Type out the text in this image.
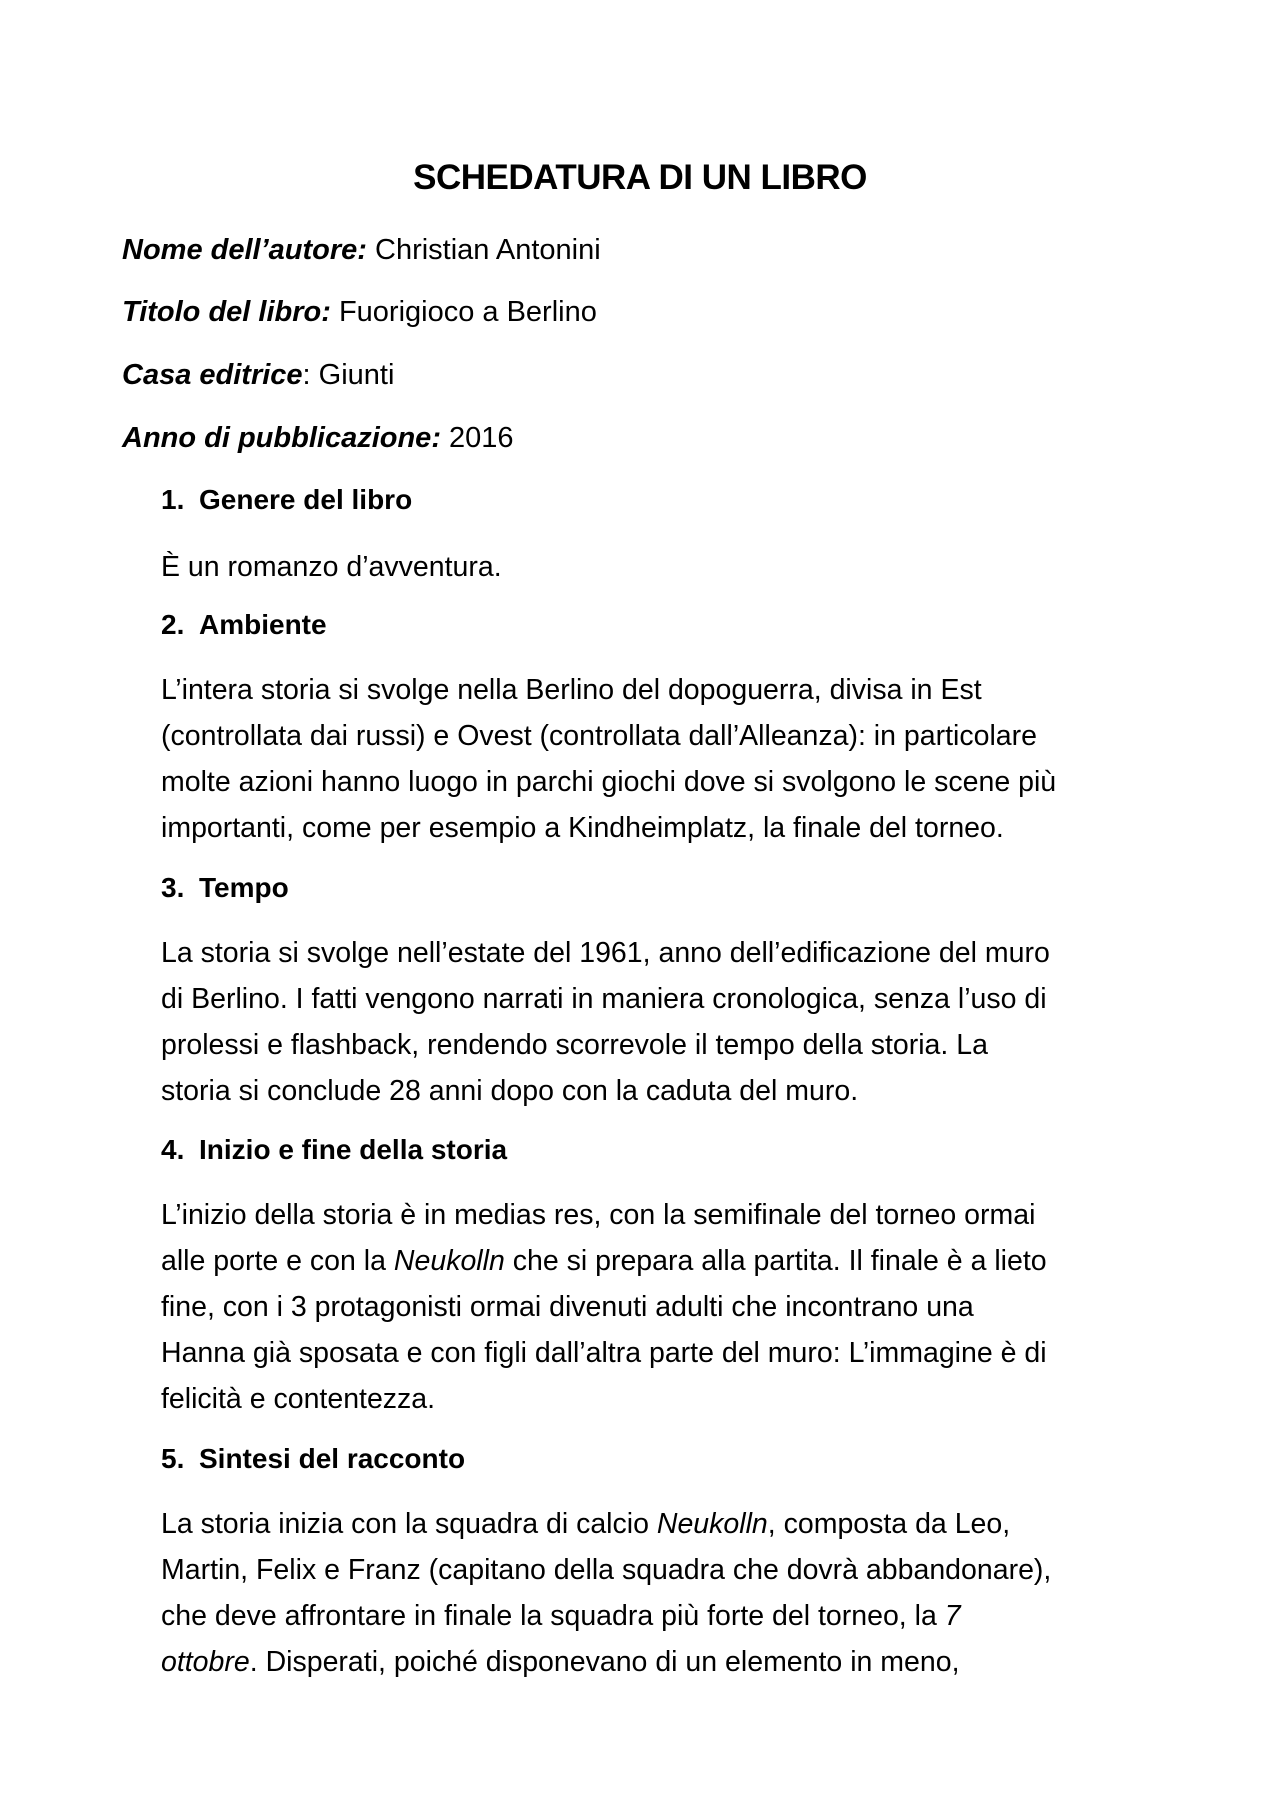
SCHEDATURA DI UN LIBRO
Nome dell’autore: Christian Antonini
Titolo del libro: Fuorigioco a Berlino
Casa editrice: Giunti
Anno di pubblicazione: 2016
1. Genere del libro
È un romanzo d’avventura.
2. Ambiente
L’intera storia si svolge nella Berlino del dopoguerra, divisa in Est
(controllata dai russi) e Ovest (controllata dall’Alleanza): in particolare
molte azioni hanno luogo in parchi giochi dove si svolgono le scene più
importanti, come per esempio a Kindheimplatz, la finale del torneo.
3. Tempo
La storia si svolge nell’estate del 1961, anno dell’edificazione del muro
di Berlino. I fatti vengono narrati in maniera cronologica, senza l’uso di
prolessi e flashback, rendendo scorrevole il tempo della storia. La
storia si conclude 28 anni dopo con la caduta del muro.
4. Inizio e fine della storia
L’inizio della storia è in medias res, con la semifinale del torneo ormai
alle porte e con la Neukolln che si prepara alla partita. Il finale è a lieto
fine, con i 3 protagonisti ormai divenuti adulti che incontrano una
Hanna già sposata e con figli dall’altra parte del muro: L’immagine è di
felicità e contentezza.
5. Sintesi del racconto
La storia inizia con la squadra di calcio Neukolln, composta da Leo,
Martin, Felix e Franz (capitano della squadra che dovrà abbandonare),
che deve affrontare in finale la squadra più forte del torneo, la 7
ottobre. Disperati, poiché disponevano di un elemento in meno,
